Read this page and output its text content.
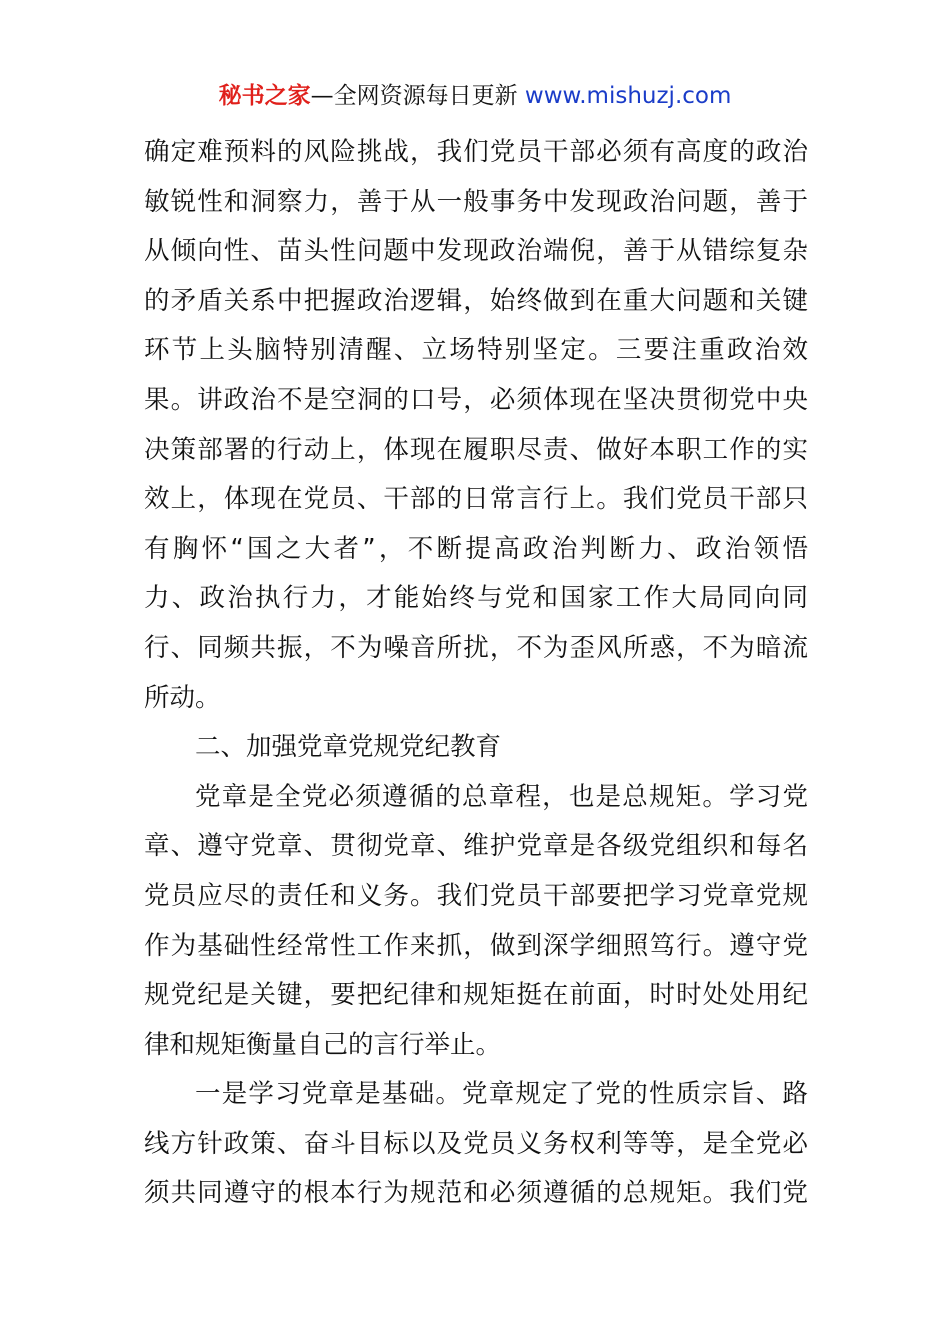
秘书之家—全网资源每日更新 www.mishuzj.com
确定难预料的风险挑战，我们党员干部必须有高度的政治
敏锐性和洞察力，善于从一般事务中发现政治问题，善于
从倾向性、苗头性问题中发现政治端倪，善于从错综复杂
的矛盾关系中把握政治逻辑，始终做到在重大问题和关键
环节上头脑特别清醒、立场特别坚定。三要注重政治效
果。讲政治不是空洞的口号，必须体现在坚决贯彻党中央
决策部署的行动上，体现在履职尽责、做好本职工作的实
效上，体现在党员、干部的日常言行上。我们党员干部只
有胸怀“国之大者”，不断提高政治判断力、政治领悟
力、政治执行力，才能始终与党和国家工作大局同向同
行、同频共振，不为噪音所扰，不为歪风所惑，不为暗流
所动。
二、加强党章党规党纪教育
党章是全党必须遵循的总章程，也是总规矩。学习党
章、遵守党章、贯彻党章、维护党章是各级党组织和每名
党员应尽的责任和义务。我们党员干部要把学习党章党规
作为基础性经常性工作来抓，做到深学细照笃行。遵守党
规党纪是关键，要把纪律和规矩挺在前面，时时处处用纪
律和规矩衡量自己的言行举止。
一是学习党章是基础。党章规定了党的性质宗旨、路
线方针政策、奋斗目标以及党员义务权利等等，是全党必
须共同遵守的根本行为规范和必须遵循的总规矩。我们党
